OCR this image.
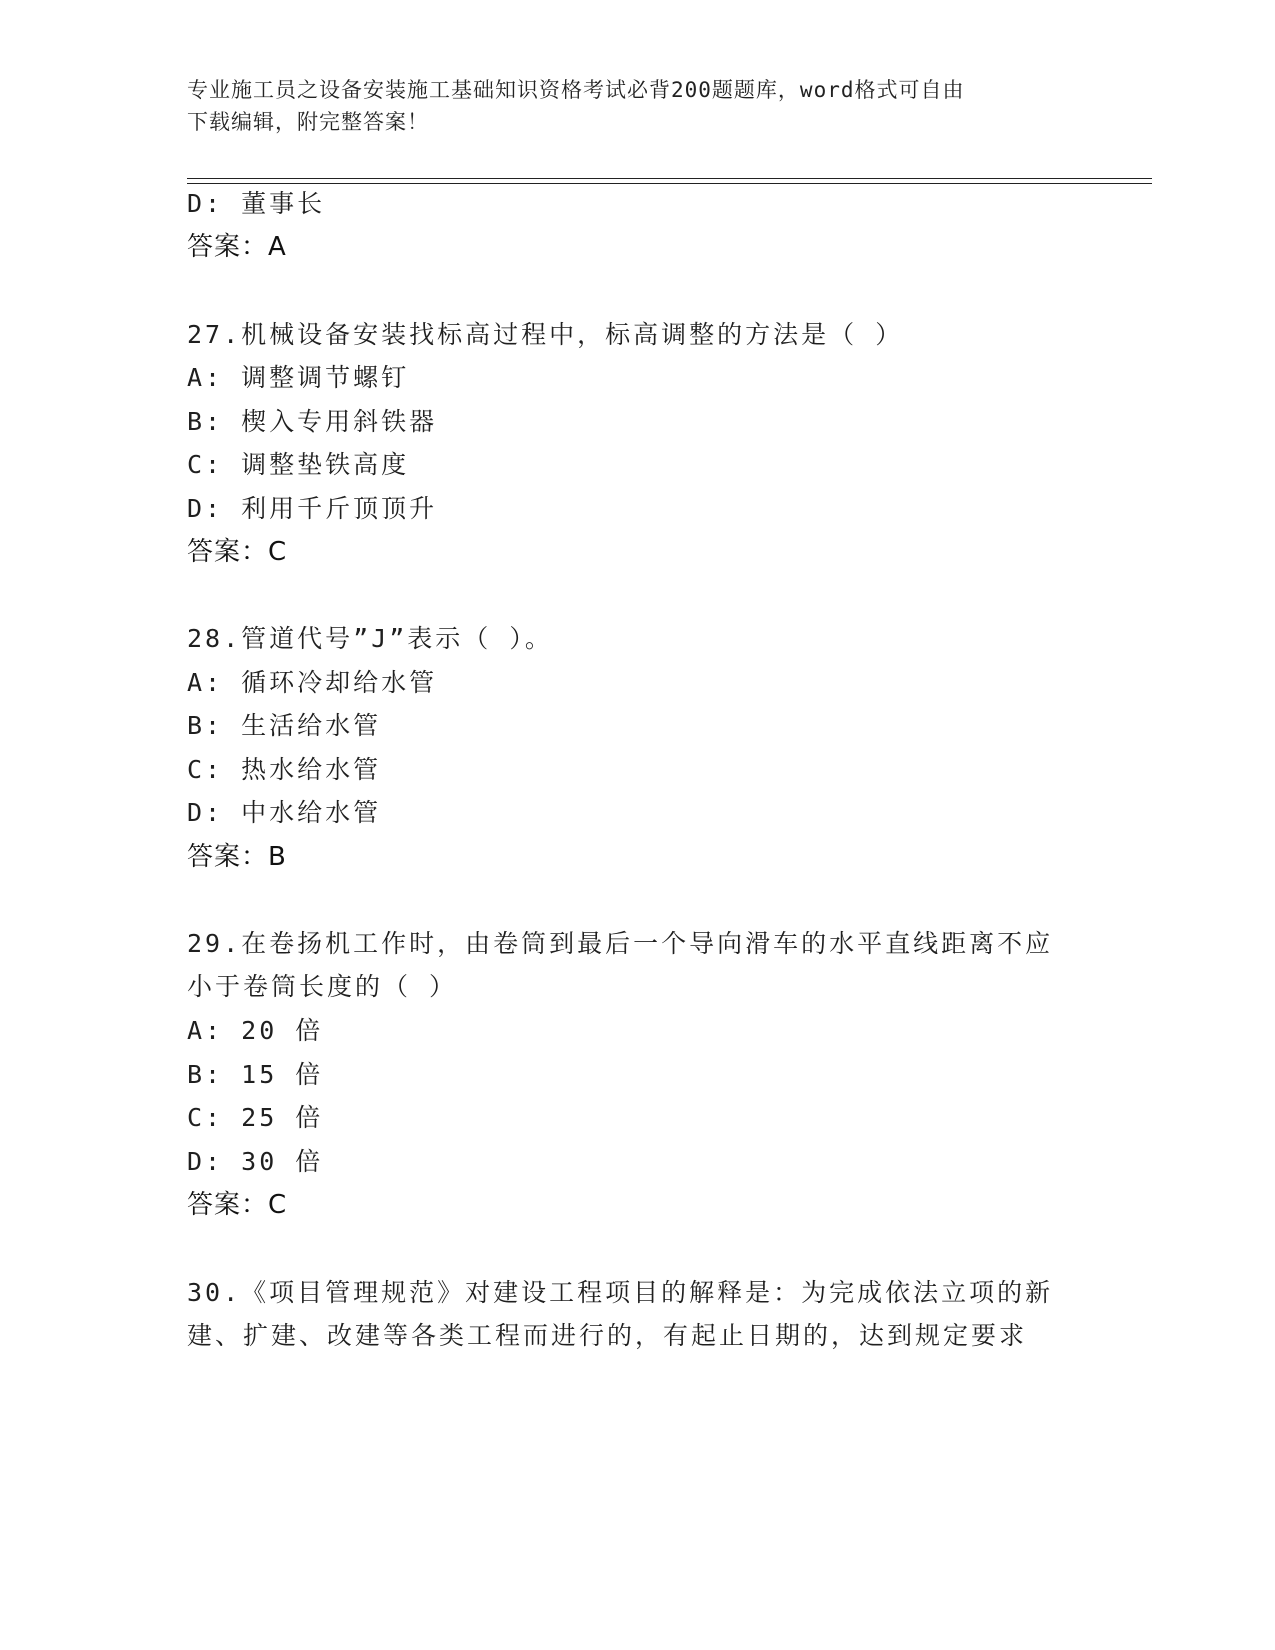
专业施工员之设备安装施工基础知识资格考试必背200题题库，word格式可自由
下载编辑，附完整答案！
D: 董事长
答案：A
27.机械设备安装找标高过程中，标高调整的方法是（ ）
A: 调整调节螺钉
B: 楔入专用斜铁器
C: 调整垫铁高度
D: 利用千斤顶顶升
答案：C
28.管道代号”J”表示（ ）。
A: 循环冷却给水管
B: 生活给水管
C: 热水给水管
D: 中水给水管
答案：B
29.在卷扬机工作时，由卷筒到最后一个导向滑车的水平直线距离不应
小于卷筒长度的（ ）
A: 20 倍
B: 15 倍
C: 25 倍
D: 30 倍
答案：C
30.《项目管理规范》对建设工程项目的解释是：为完成依法立项的新
建、扩建、改建等各类工程而进行的，有起止日期的，达到规定要求
